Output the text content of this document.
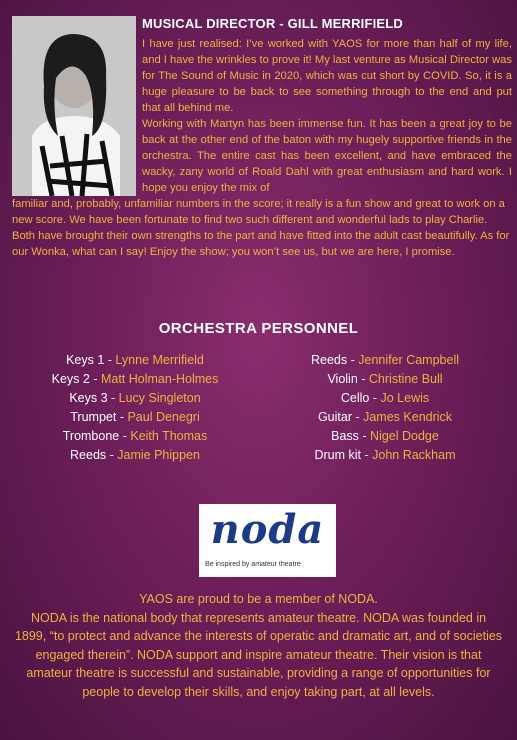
MUSICAL DIRECTOR - GILL MERRIFIELD

I have just realised: I’ve worked with YAOS for more than half of my life, and I have the wrinkles to prove it! My last venture as Musical Director was for The Sound of Music in 2020, which was cut short by COVID. So, it is a huge pleasure to be back to see something through to the end and put that all behind me.

Working with Martyn has been immense fun. It has been a great joy to be back at the other end of the baton with my hugely supportive friends in the orchestra. The entire cast has been excellent, and have embraced the wacky, zany world of Roald Dahl with great enthusiasm and hard work. I hope you enjoy the mix of

familiar and, probably, unfamiliar numbers in the score; it really is a fun show and great to work on a new score. We have been fortunate to find two such different and wonderful lads to play Charlie. Both have brought their own strengths to the part and have fitted into the adult cast beautifully. As for our Wonka, what can I say! Enjoy the show; you won’t see us, but we are here, I promise.

ORCHESTRA PERSONNEL
Keys 1 - Lynne Merrifield
Keys 2 - Matt Holman-Holmes
Keys 3 - Lucy Singleton
Trumpet - Paul Denegri
Trombone - Keith Thomas
Reeds - Jamie Phippen
Reeds - Jennifer Campbell
Violin - Christine Bull
Cello - Jo Lewis
Guitar - James Kendrick
Bass - Nigel Dodge
Drum kit - John Rackham
noda
Be inspired by amateur theatre

YAOS are proud to be a member of NODA.

NODA is the national body that represents amateur theatre. NODA was founded in 1899, “to protect and advance the interests of operatic and dramatic art, and of societies engaged therein”. NODA support and inspire amateur theatre. Their vision is that amateur theatre is successful and sustainable, providing a range of opportunities for people to develop their skills, and enjoy taking part, at all levels.
